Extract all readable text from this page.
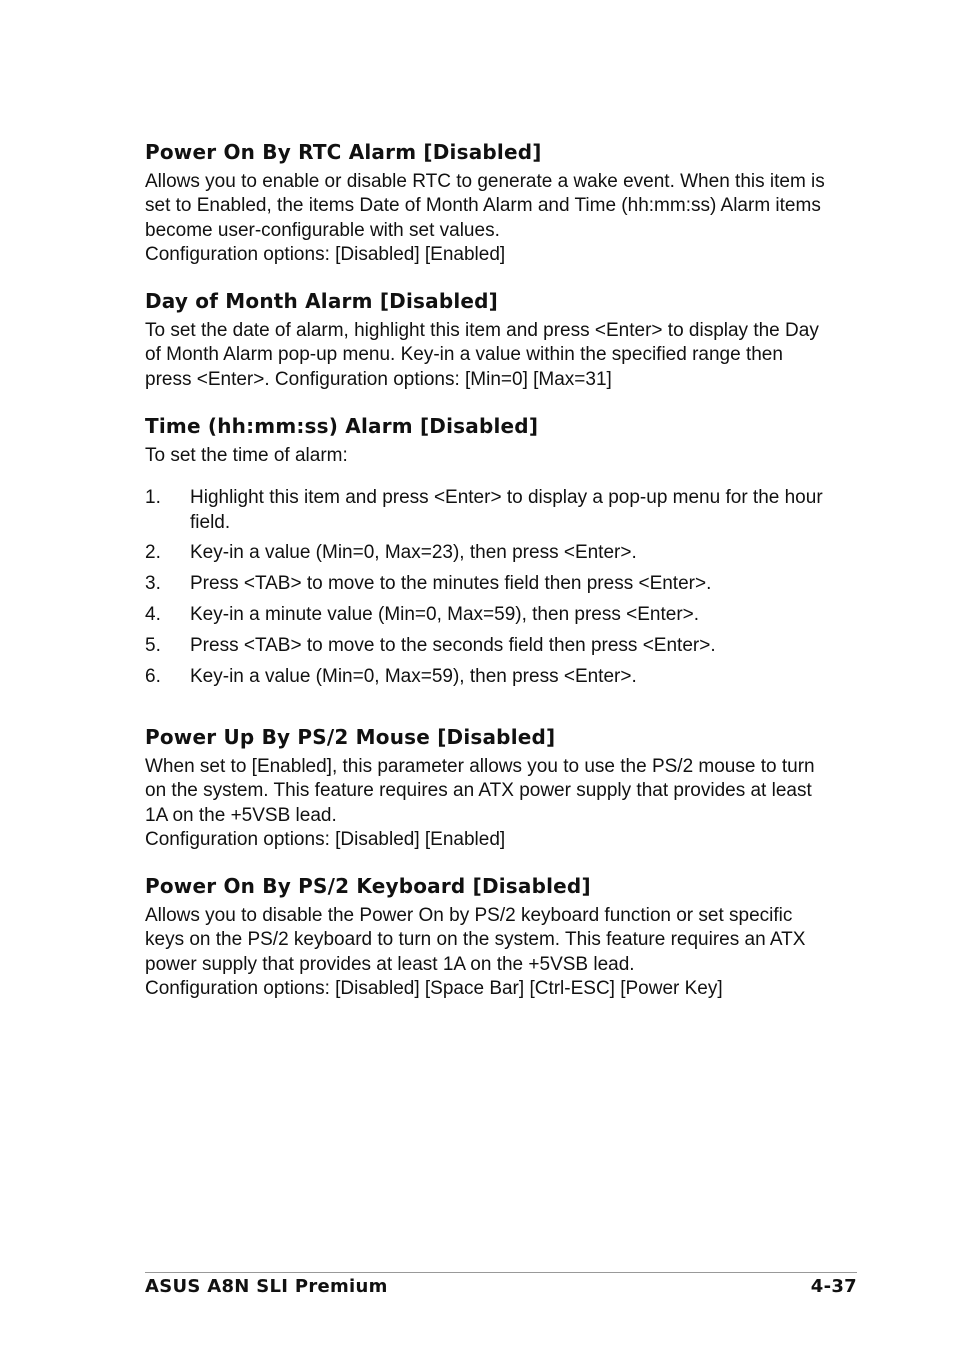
Power On By RTC Alarm [Disabled]

Allows you to enable or disable RTC to generate a wake event. When this item is set to Enabled, the items Date of Month Alarm and Time (hh:mm:ss) Alarm items become user-configurable with set values.

Configuration options: [Disabled] [Enabled]

Day of Month Alarm [Disabled]

To set the date of alarm, highlight this item and press <Enter> to display the Day of Month Alarm pop-up menu. Key-in a value within the specified range then press <Enter>. Configuration options: [Min=0] [Max=31]

Time (hh:mm:ss) Alarm [Disabled]

To set the time of alarm:

1.	Highlight this item and press <Enter> to display a pop-up menu for the hour field.
2.	Key-in a value (Min=0, Max=23), then press <Enter>.
3.	Press <TAB> to move to the minutes field then press <Enter>.
4.	Key-in a minute value (Min=0, Max=59), then press <Enter>.
5.	Press <TAB> to move to the seconds field then press <Enter>.
6.	Key-in a value (Min=0, Max=59), then press <Enter>.
Power Up By PS/2 Mouse [Disabled]

When set to [Enabled], this parameter allows you to use the PS/2 mouse to turn on the system. This feature requires an ATX power supply that provides at least 1A on the +5VSB lead.

Configuration options: [Disabled] [Enabled]

Power On By PS/2 Keyboard [Disabled]

Allows you to disable the Power On by PS/2 keyboard function or set specific keys on the PS/2 keyboard to turn on the system. This feature requires an ATX power supply that provides at least 1A on the +5VSB lead.

Configuration options: [Disabled] [Space Bar] [Ctrl-ESC] [Power Key]

ASUS A8N SLI Premium	4-37
